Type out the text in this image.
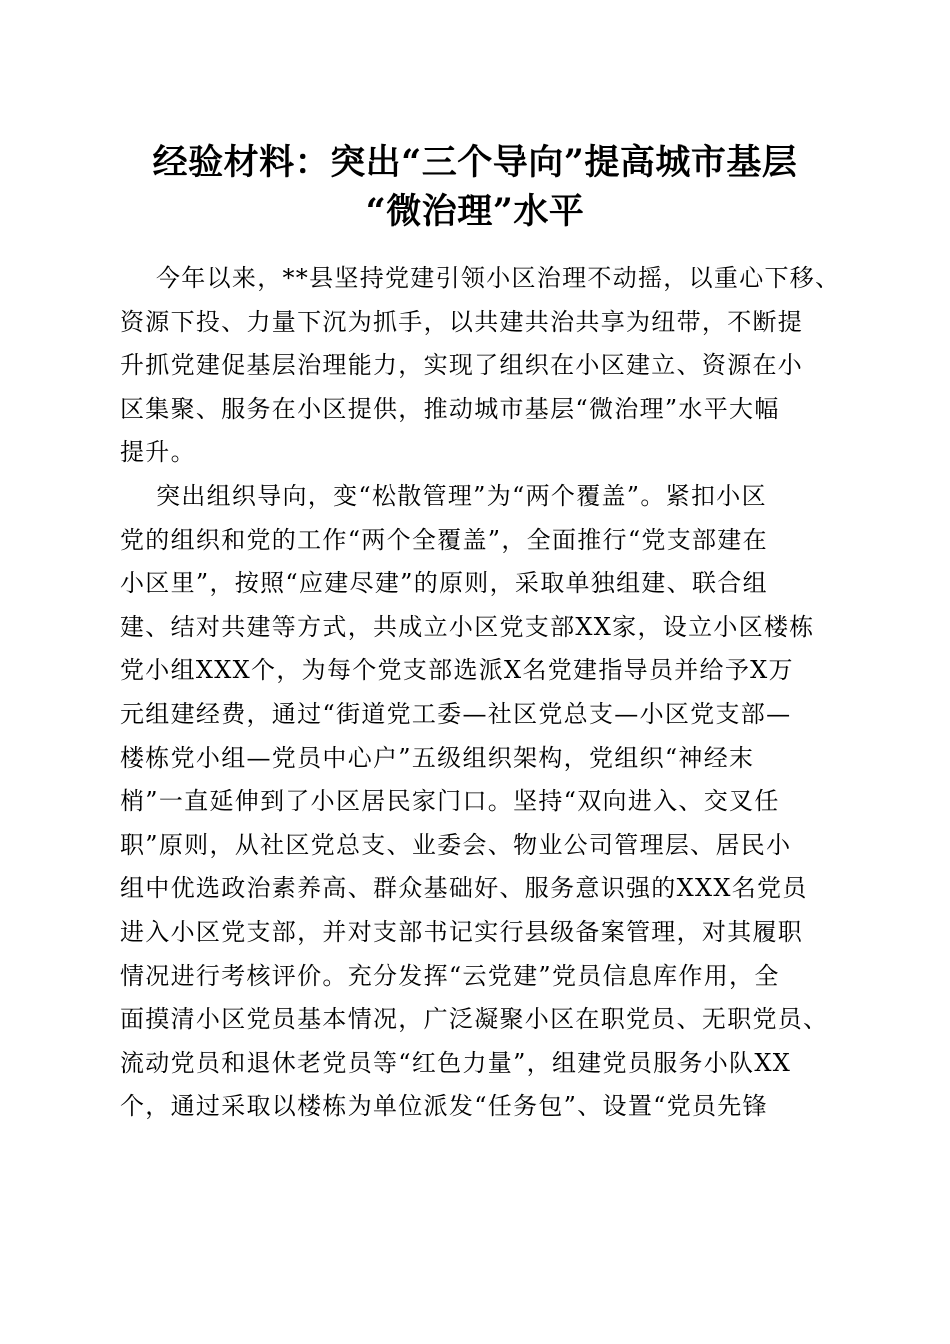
经验材料：突出“三个导向”提高城市基层
“微治理”水平

今年以来，**县坚持党建引领小区治理不动摇，以重心下移、
资源下投、力量下沉为抓手，以共建共治共享为纽带，不断提
升抓党建促基层治理能力，实现了组织在小区建立、资源在小
区集聚、服务在小区提供，推动城市基层“微治理”水平大幅
提升。

突出组织导向，变“松散管理”为“两个覆盖”。紧扣小区
党的组织和党的工作“两个全覆盖”，全面推行“党支部建在
小区里”，按照“应建尽建”的原则，采取单独组建、联合组
建、结对共建等方式，共成立小区党支部XX家，设立小区楼栋
党小组XXX个，为每个党支部选派X名党建指导员并给予X万
元组建经费，通过“街道党工委—社区党总支—小区党支部—
楼栋党小组—党员中心户”五级组织架构，党组织“神经末
梢”一直延伸到了小区居民家门口。坚持“双向进入、交叉任
职”原则，从社区党总支、业委会、物业公司管理层、居民小
组中优选政治素养高、群众基础好、服务意识强的XXX名党员
进入小区党支部，并对支部书记实行县级备案管理，对其履职
情况进行考核评价。充分发挥“云党建”党员信息库作用，全
面摸清小区党员基本情况，广泛凝聚小区在职党员、无职党员、
流动党员和退休老党员等“红色力量”，组建党员服务小队XX
个，通过采取以楼栋为单位派发“任务包”、设置“党员先锋
